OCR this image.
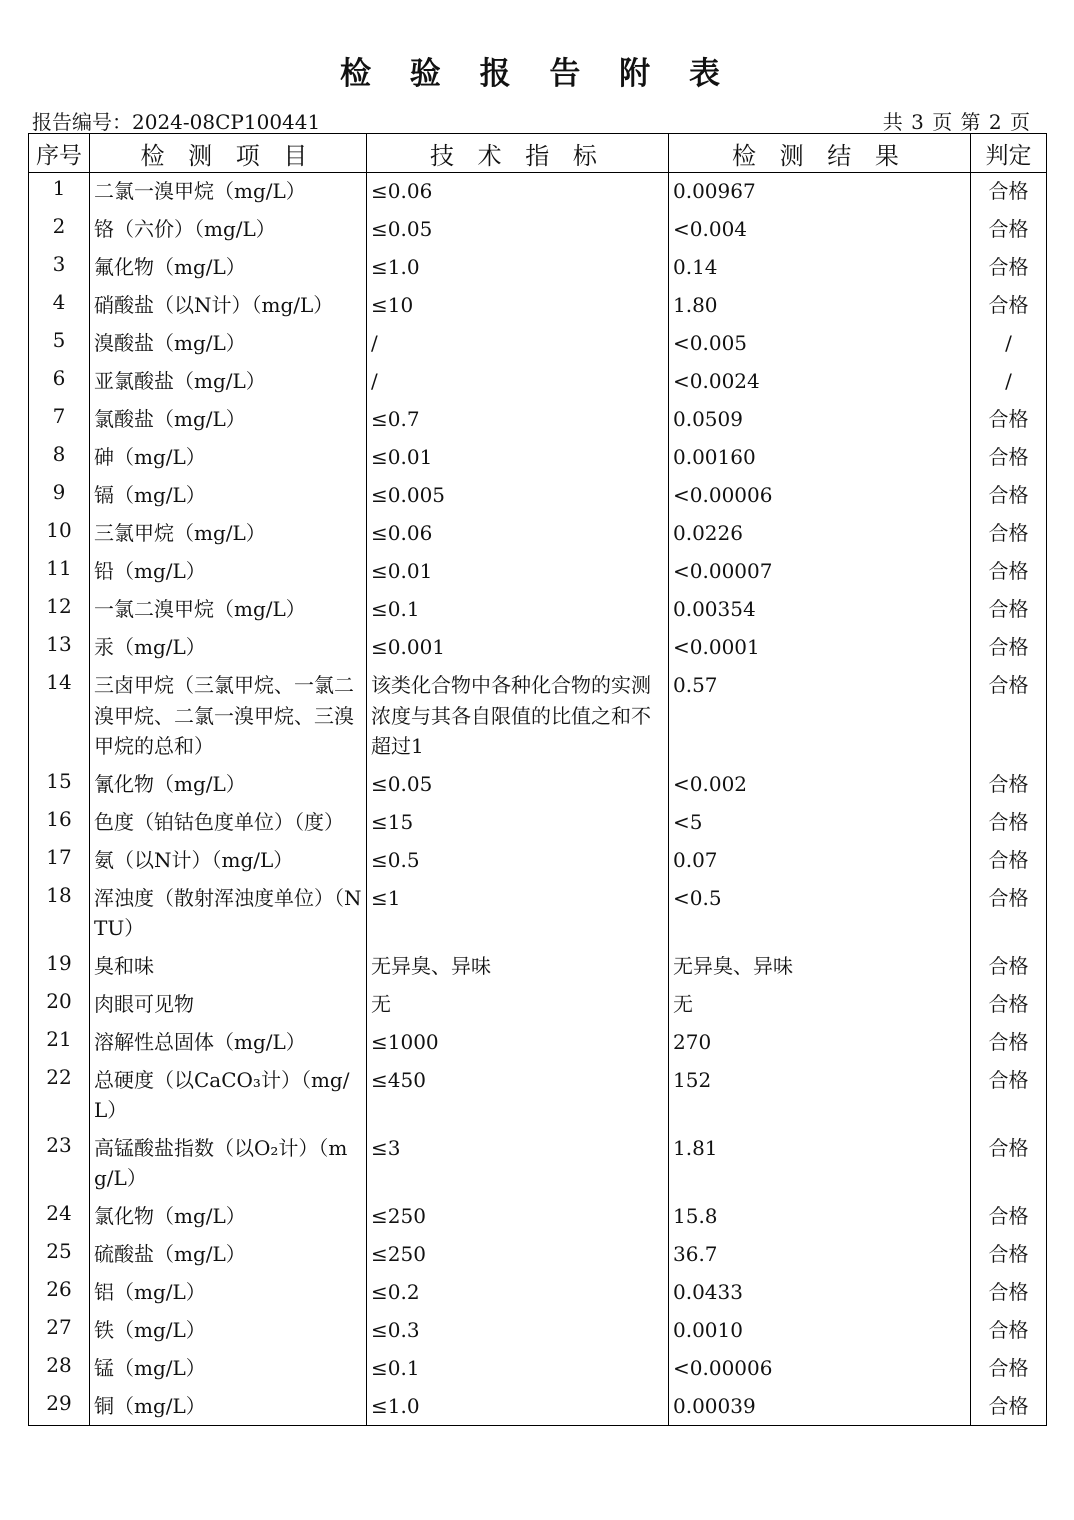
检 验 报 告 附 表
报告编号：2024-08CP100441	共 3 页 第 2 页
序号	检 测 项 目	技 术 指 标	检 测 结 果	判定
1	二氯一溴甲烷（mg/L）	≤0.06	0.00967	合格
2	铬（六价）（mg/L）	≤0.05	<0.004	合格
3	氟化物（mg/L）	≤1.0	0.14	合格
4	硝酸盐（以N计）（mg/L）	≤10	1.80	合格
5	溴酸盐（mg/L）	/	<0.005	/
6	亚氯酸盐（mg/L）	/	<0.0024	/
7	氯酸盐（mg/L）	≤0.7	0.0509	合格
8	砷（mg/L）	≤0.01	0.00160	合格
9	镉（mg/L）	≤0.005	<0.00006	合格
10	三氯甲烷（mg/L）	≤0.06	0.0226	合格
11	铅（mg/L）	≤0.01	<0.00007	合格
12	一氯二溴甲烷（mg/L）	≤0.1	0.00354	合格
13	汞（mg/L）	≤0.001	<0.0001	合格
14	三卤甲烷（三氯甲烷、一氯二溴甲烷、二氯一溴甲烷、三溴甲烷的总和）	该类化合物中各种化合物的实测浓度与其各自限值的比值之和不超过1	0.57	合格
15	氰化物（mg/L）	≤0.05	<0.002	合格
16	色度（铂钴色度单位）（度）	≤15	<5	合格
17	氨（以N计）（mg/L）	≤0.5	0.07	合格
18	浑浊度（散射浑浊度单位）（NTU）	≤1	<0.5	合格
19	臭和味	无异臭、异味	无异臭、异味	合格
20	肉眼可见物	无	无	合格
21	溶解性总固体（mg/L）	≤1000	270	合格
22	总硬度（以CaCO₃计）（mg/L）	≤450	152	合格
23	高锰酸盐指数（以O₂计）（mg/L）	≤3	1.81	合格
24	氯化物（mg/L）	≤250	15.8	合格
25	硫酸盐（mg/L）	≤250	36.7	合格
26	铝（mg/L）	≤0.2	0.0433	合格
27	铁（mg/L）	≤0.3	0.0010	合格
28	锰（mg/L）	≤0.1	<0.00006	合格
29	铜（mg/L）	≤1.0	0.00039	合格
